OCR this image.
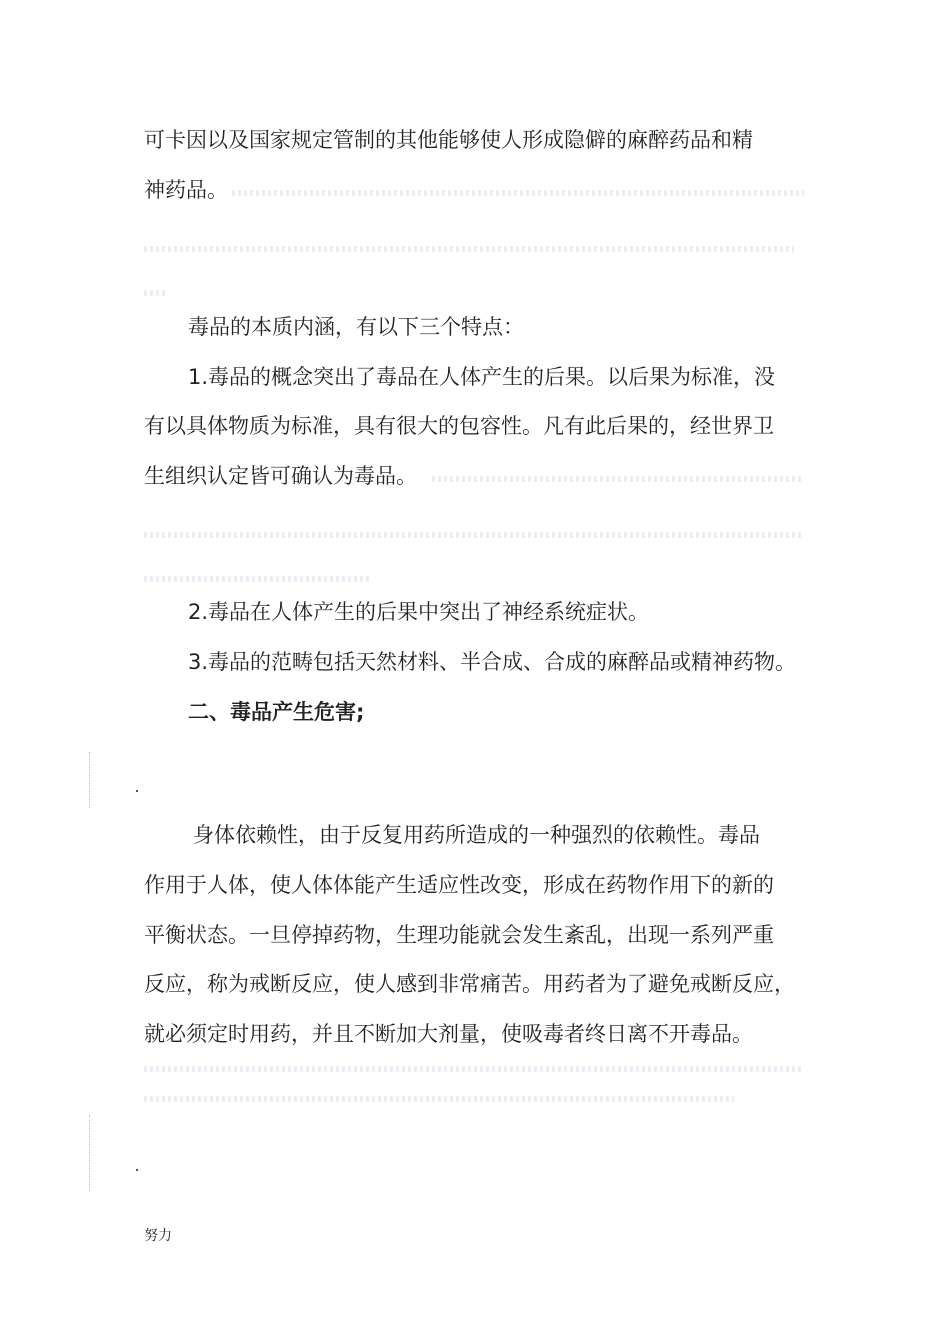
可卡因以及国家规定管制的其他能够使人形成隐僻的麻醉药品和精
神药品。
毒品的本质内涵，有以下三个特点：
1.毒品的概念突出了毒品在人体产生的后果。以后果为标准，没
有以具体物质为标准，具有很大的包容性。凡有此后果的，经世界卫
生组织认定皆可确认为毒品。
2.毒品在人体产生的后果中突出了神经系统症状。
3.毒品的范畴包括天然材料、半合成、合成的麻醉品或精神药物。
二、毒品产生危害;
身体依赖性，由于反复用药所造成的一种强烈的依赖性。毒品
作用于人体，使人体体能产生适应性改变，形成在药物作用下的新的
平衡状态。一旦停掉药物，生理功能就会发生紊乱，出现一系列严重
反应，称为戒断反应，使人感到非常痛苦。用药者为了避免戒断反应，
就必须定时用药，并且不断加大剂量，使吸毒者终日离不开毒品。
努力
